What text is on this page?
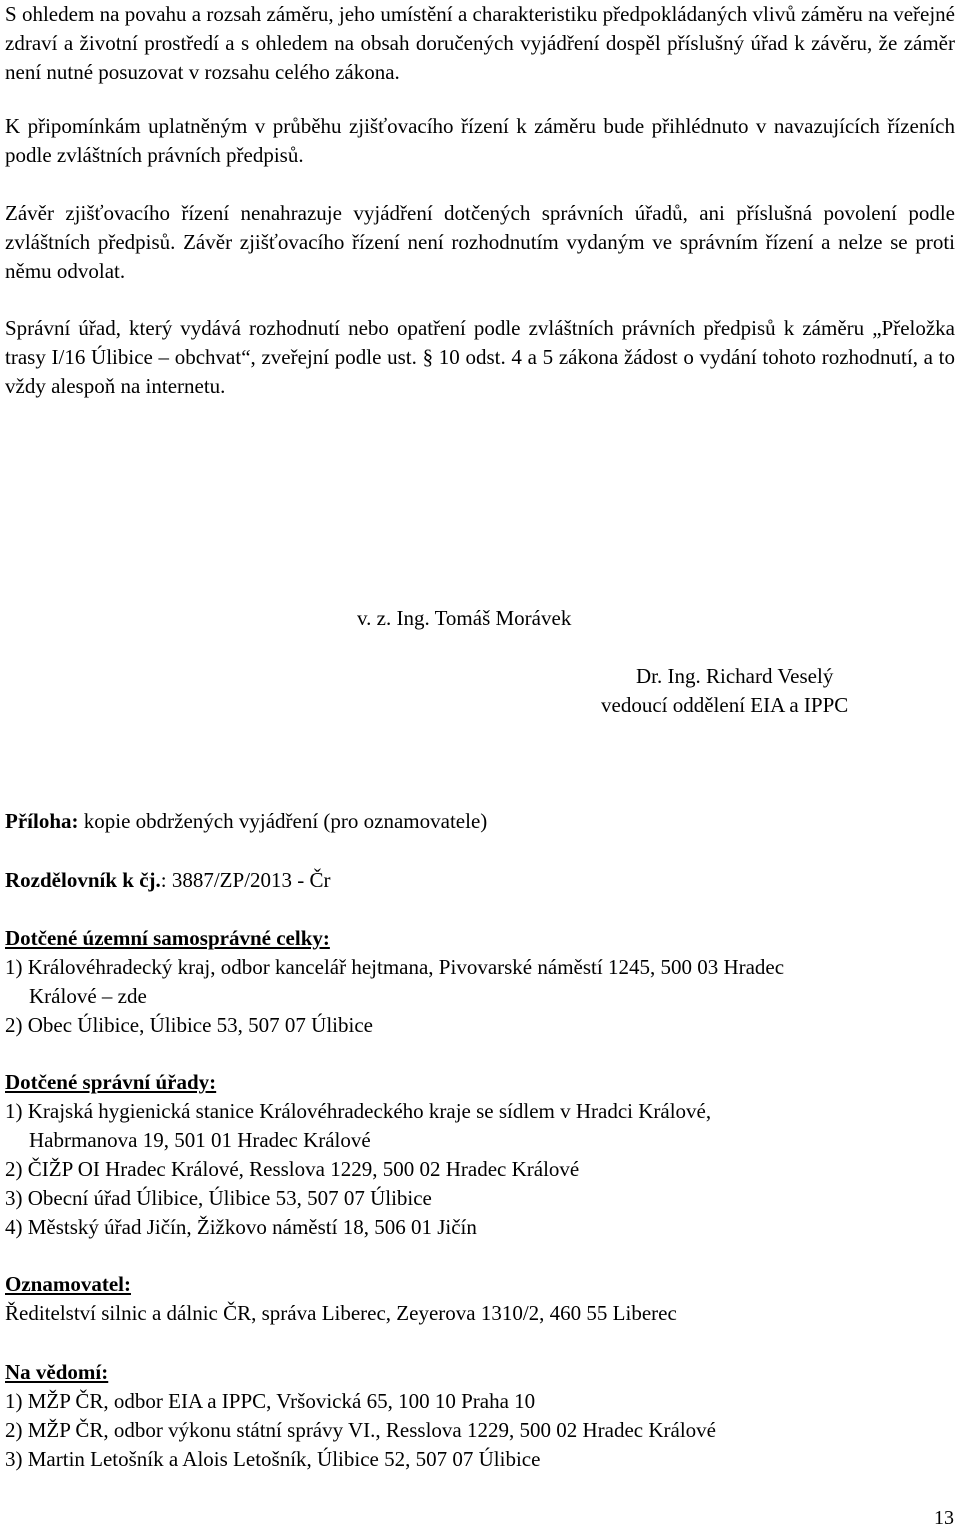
S ohledem na povahu a rozsah záměru, jeho umístění a charakteristiku předpokládaných vlivů záměru na veřejné zdraví a životní prostředí a s ohledem na obsah doručených vyjádření dospěl příslušný úřad k závěru, že záměr není nutné posuzovat v rozsahu celého zákona.

K připomínkám uplatněným v průběhu zjišťovacího řízení k záměru bude přihlédnuto v navazujících řízeních podle zvláštních právních předpisů.

Závěr zjišťovacího řízení nenahrazuje vyjádření dotčených správních úřadů, ani příslušná povolení podle zvláštních předpisů. Závěr zjišťovacího řízení není rozhodnutím vydaným ve správním řízení a nelze se proti němu odvolat.

Správní úřad, který vydává rozhodnutí nebo opatření podle zvláštních právních předpisů k záměru „Přeložka trasy I/16 Úlibice – obchvat“, zveřejní podle ust. § 10 odst. 4 a 5 zákona žádost o vydání tohoto rozhodnutí, a to vždy alespoň na internetu.

v. z. Ing. Tomáš Morávek

Dr. Ing. Richard Veselý

vedoucí oddělení EIA a IPPC

Příloha: kopie obdržených vyjádření (pro oznamovatele)

Rozdělovník k čj.: 3887/ZP/2013 - Čr

Dotčené územní samosprávné celky:
1) Královéhradecký kraj, odbor kancelář hejtmana, Pivovarské náměstí 1245, 500 03 Hradec
Králové – zde
2) Obec Úlibice, Úlibice 53, 507 07 Úlibice
Dotčené správní úřady:
1) Krajská hygienická stanice Královéhradeckého kraje se sídlem v Hradci Králové,
Habrmanova 19, 501 01 Hradec Králové
2) ČIŽP OI Hradec Králové, Resslova 1229, 500 02 Hradec Králové
3) Obecní úřad Úlibice, Úlibice 53, 507 07 Úlibice
4) Městský úřad Jičín, Žižkovo náměstí 18, 506 01 Jičín
Oznamovatel:
Ředitelství silnic a dálnic ČR, správa Liberec, Zeyerova 1310/2, 460 55 Liberec
Na vědomí:
1) MŽP ČR, odbor EIA a IPPC, Vršovická 65, 100 10 Praha 10
2) MŽP ČR, odbor výkonu státní správy VI., Resslova 1229, 500 02 Hradec Králové
3) Martin Letošník a Alois Letošník, Úlibice 52, 507 07 Úlibice
13
